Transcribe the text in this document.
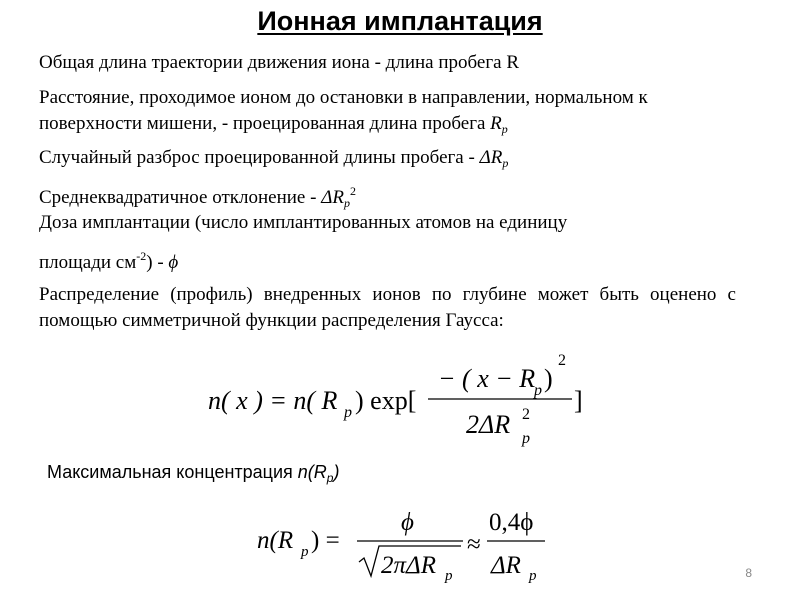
Ионная имплантация
Общая длина траектории движения иона - длина пробега R
Расстояние, проходимое ионом до остановки в направлении, нормальном к
поверхности мишени, - проецированная длина пробега $R_p$
Случайный разброс проецированной длины пробега - $\Delta R_p$
Среднеквадратичное отклонение - $\Delta R_p^2$
Доза имплантации (число имплантированных атомов на единицу
площади $см^{-2}$) - ϕ
Распределение (профиль) внедренных ионов по глубине может быть оцененo с помощью симметричной функции распределения Гаусса:
n( x ) = n( R p ) exp[
− ( x − R
p )
2
2ΔR 2
p
]
Максимальная концентрация $n(R_p)$
n(R p ) =
ϕ
2πΔR p
≈
0,4ϕ
ΔR p	8
